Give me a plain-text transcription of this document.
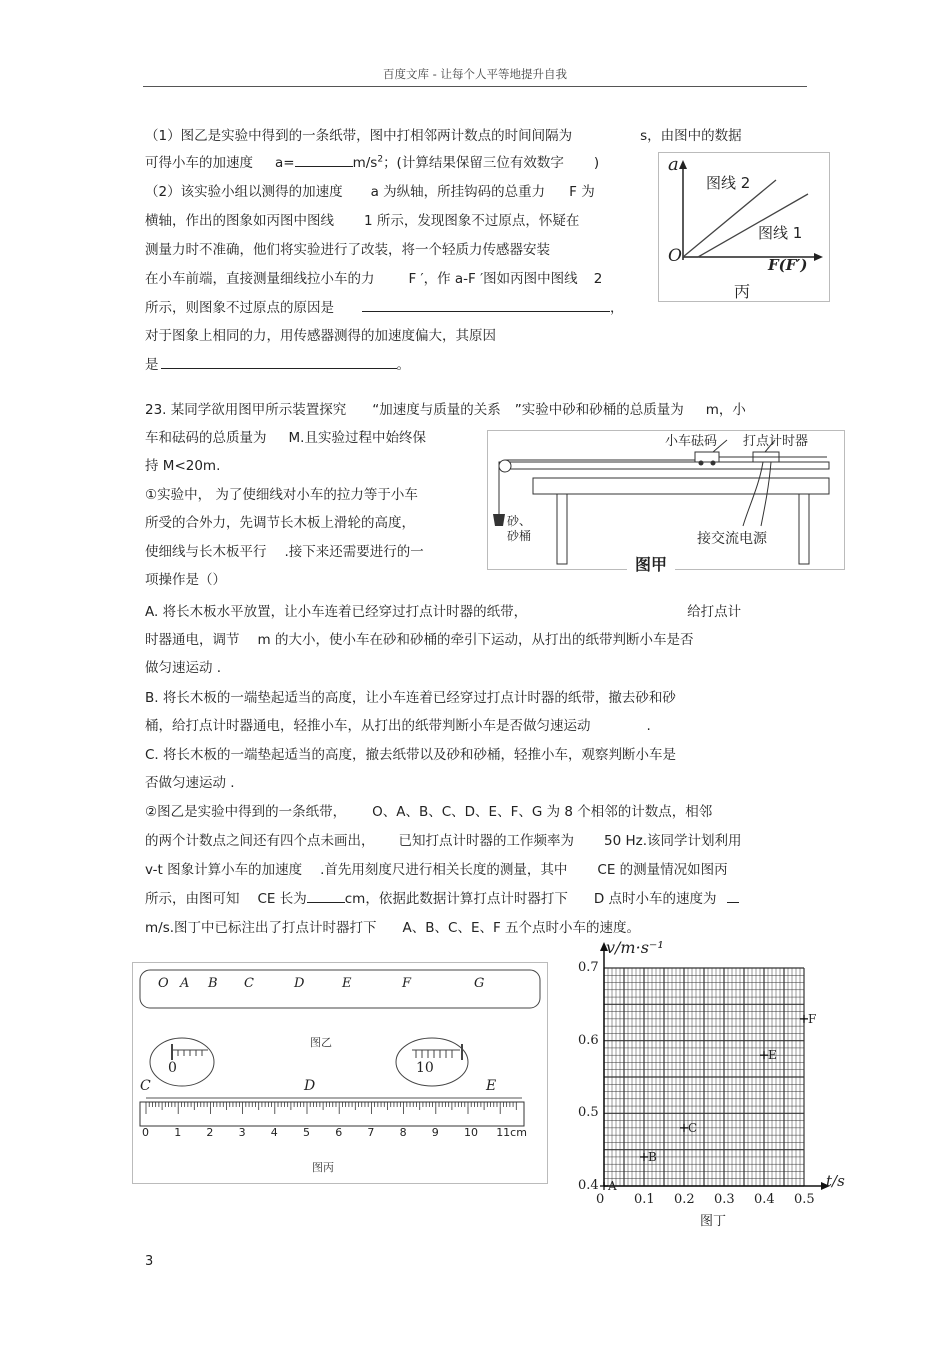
百度文库 - 让每个人平等地提升自我
（1）图乙是实验中得到的一条纸带，图中打相邻两计数点的时间间隔为	s，由图中的数据
可得小车的加速度 a=	$m/s^2$；(计算结果保留三位有效数字 )
（2）该实验小组以测得的加速度 a 为纵轴，所挂钩码的总重力 F 为
横轴，作出的图象如丙图中图线 1 所示，发现图象不过原点，怀疑在
测量力时不准确，他们将实验进行了改装，将一个轻质力传感器安装
在小车前端，直接测量细线拉小车的力	F ′，作 a-F ′图如丙图中图线 2
所示，则图象不过原点的原因是	，
对于图象上相同的力，用传感器测得的加速度偏大，其原因
是	。
a
O	F(F′)
图线 2
图线 1
丙
23. 某同学欲用图甲所示装置探究 “加速度与质量的关系 ”实验中砂和砂桶的总质量为 m，小
车和砝码的总质量为 M.且实验过程中始终保
持 M<20m.
①实验中， 为了使细线对小车的拉力等于小车
所受的合外力，先调节长木板上滑轮的高度，
使细线与长木板平行 .接下来还需要进行的一
项操作是（）
小车砝码 打点计时器
砂、砂桶	接交流电源
图甲
A. 将长木板水平放置，让小车连着已经穿过打点计时器的纸带，	给打点计
时器通电，调节 m 的大小，使小车在砂和砂桶的牵引下运动，从打出的纸带判断小车是否
做匀速运动 .
B. 将长木板的一端垫起适当的高度，让小车连着已经穿过打点计时器的纸带，撤去砂和砂
桶，给打点计时器通电，轻推小车，从打出的纸带判断小车是否做匀速运动	.
C. 将长木板的一端垫起适当的高度，撤去纸带以及砂和砂桶，轻推小车，观察判断小车是
否做匀速运动 .
②图乙是实验中得到的一条纸带， O、A、B、C、D、E、F、G 为 8 个相邻的计数点，相邻
的两个计数点之间还有四个点未画出， 已知打点计时器的工作频率为 50 Hz.该同学计划利用
v-t 图象计算小车的加速度 .首先用刻度尺进行相关长度的测量，其中 CE 的测量情况如图丙
所示，由图可知 CE 长为	cm，依据此数据计算打点计时器打下 D 点时小车的速度为
m/s.图丁中已标注出了打点计时器打下 A、B、C、E、F 五个点时小车的速度。
O A B C	D	E	F	G
图乙
0	10
C	D	E
0 1 2 3 4 5 6 7 8 9 10 11cm
图丙
A
B
C
E
F
v/m·s⁻¹
t/s
0.7
0.6
0.5
0.4
0 0.1 0.2 0.3 0.4 0.5
图丁
3
